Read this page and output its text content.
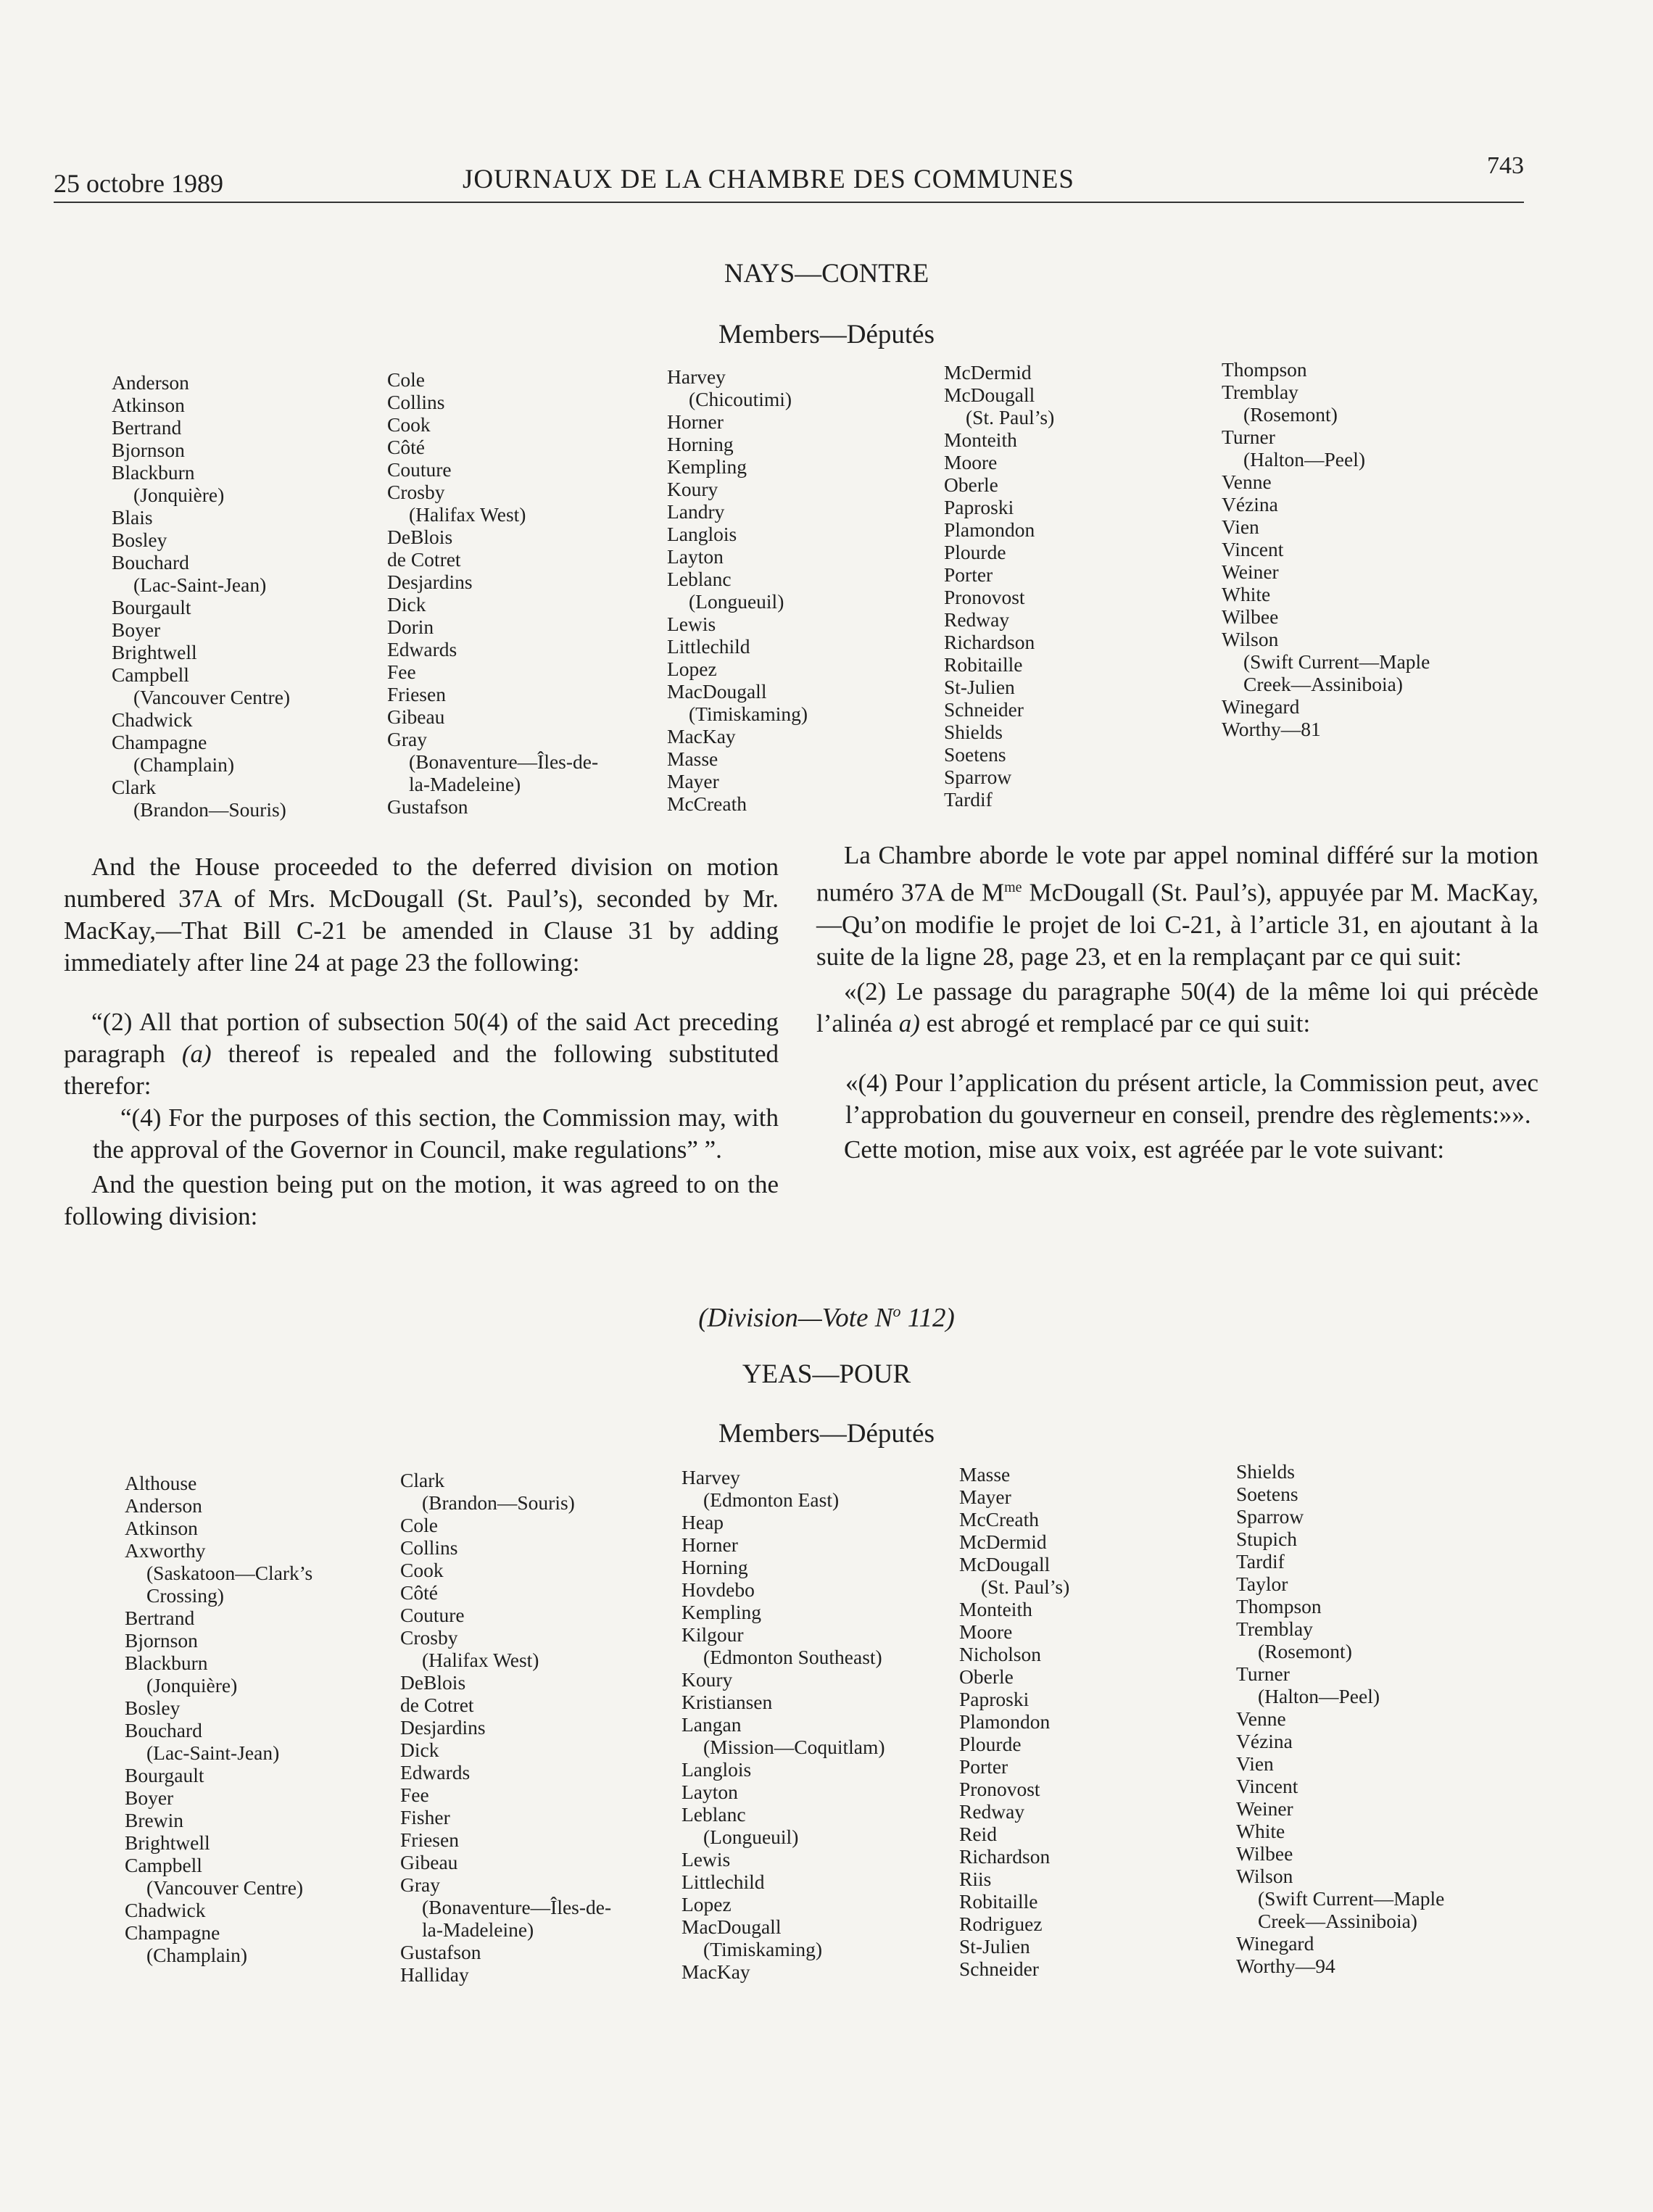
25 octobre 1989	JOURNAUX DE LA CHAMBRE DES COMMUNES	743
NAYS—CONTRE
Members—Députés
Anderson
Atkinson
Bertrand
Bjornson
Blackburn
(Jonquière)
Blais
Bosley
Bouchard
(Lac-Saint-Jean)
Bourgault
Boyer
Brightwell
Campbell
(Vancouver Centre)
Chadwick
Champagne
(Champlain)
Clark
(Brandon—Souris)
Cole
Collins
Cook
Côté
Couture
Crosby
(Halifax West)
DeBlois
de Cotret
Desjardins
Dick
Dorin
Edwards
Fee
Friesen
Gibeau
Gray
(Bonaventure—Îles-de-
la-Madeleine)
Gustafson
Harvey
(Chicoutimi)
Horner
Horning
Kempling
Koury
Landry
Langlois
Layton
Leblanc
(Longueuil)
Lewis
Littlechild
Lopez
MacDougall
(Timiskaming)
MacKay
Masse
Mayer
McCreath
McDermid
McDougall
(St. Paul’s)
Monteith
Moore
Oberle
Paproski
Plamondon
Plourde
Porter
Pronovost
Redway
Richardson
Robitaille
St-Julien
Schneider
Shields
Soetens
Sparrow
Tardif
Thompson
Tremblay
(Rosemont)
Turner
(Halton—Peel)
Venne
Vézina
Vien
Vincent
Weiner
White
Wilbee
Wilson
(Swift Current—Maple
Creek—Assiniboia)
Winegard
Worthy—81

And the House proceeded to the deferred division on motion numbered 37A of Mrs. McDougall (St. Paul’s), seconded by Mr. MacKay,—That Bill C-21 be amended in Clause 31 by adding immediately after line 24 at page 23 the following:

“(2) All that portion of subsection 50(4) of the said Act preceding paragraph (a) thereof is repealed and the following substituted therefor:

“(4) For the purposes of this section, the Commission may, with the approval of the Governor in Council, make regulations” ”.

And the question being put on the motion, it was agreed to on the following division:

La Chambre aborde le vote par appel nominal différé sur la motion numéro 37A de $M^{me}$ McDougall (St. Paul’s), appuyée par M. MacKay,—Qu’on modifie le projet de loi C-21, à l’article 31, en ajoutant à la suite de la ligne 28, page 23, et en la remplaçant par ce qui suit:

«(2) Le passage du paragraphe 50(4) de la même loi qui précède l’alinéa a) est abrogé et remplacé par ce qui suit:

«(4) Pour l’application du présent article, la Commission peut, avec l’approbation du gouverneur en conseil, prendre des règlements:»».

Cette motion, mise aux voix, est agréée par le vote suivant:

(Division—Vote $N^o$ 112)
YEAS—POUR
Members—Députés
Althouse
Anderson
Atkinson
Axworthy
(Saskatoon—Clark’s
Crossing)
Bertrand
Bjornson
Blackburn
(Jonquière)
Bosley
Bouchard
(Lac-Saint-Jean)
Bourgault
Boyer
Brewin
Brightwell
Campbell
(Vancouver Centre)
Chadwick
Champagne
(Champlain)
Clark
(Brandon—Souris)
Cole
Collins
Cook
Côté
Couture
Crosby
(Halifax West)
DeBlois
de Cotret
Desjardins
Dick
Edwards
Fee
Fisher
Friesen
Gibeau
Gray
(Bonaventure—Îles-de-
la-Madeleine)
Gustafson
Halliday
Harvey
(Edmonton East)
Heap
Horner
Horning
Hovdebo
Kempling
Kilgour
(Edmonton Southeast)
Koury
Kristiansen
Langan
(Mission—Coquitlam)
Langlois
Layton
Leblanc
(Longueuil)
Lewis
Littlechild
Lopez
MacDougall
(Timiskaming)
MacKay
Masse
Mayer
McCreath
McDermid
McDougall
(St. Paul’s)
Monteith
Moore
Nicholson
Oberle
Paproski
Plamondon
Plourde
Porter
Pronovost
Redway
Reid
Richardson
Riis
Robitaille
Rodriguez
St-Julien
Schneider
Shields
Soetens
Sparrow
Stupich
Tardif
Taylor
Thompson
Tremblay
(Rosemont)
Turner
(Halton—Peel)
Venne
Vézina
Vien
Vincent
Weiner
White
Wilbee
Wilson
(Swift Current—Maple
Creek—Assiniboia)
Winegard
Worthy—94
